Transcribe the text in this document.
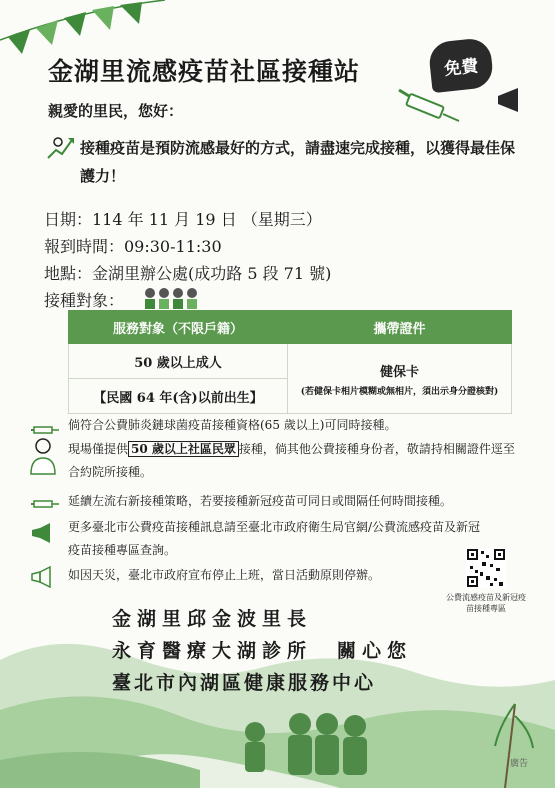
金湖里流感疫苗社區接種站	免費
親愛的里民，您好：
接種疫苗是預防流感最好的方式，請盡速完成接種，以獲得最佳保護力！
日期：114 年 11 月 19 日 （星期三）
報到時間：09:30-11:30
地點：金湖里辦公處(成功路 5 段 71 號)
接種對象：
服務對象（不限戶籍）	攜帶證件
50 歲以上成人	健保卡
(若健保卡相片模糊或無相片，須出示身分證核對)

【民國 64 年(含)以前出生】	
倘符合公費肺炎鏈球菌疫苗接種資格(65 歲以上)可同時接種。
現場僅提供 50 歲以上社區民眾 接種，倘其他公費接種身份者，敬請持相關證件逕至合約院所接種。
延續左流右新接種策略，若要接種新冠疫苗可同日或間隔任何時間接種。
更多臺北市公費疫苗接種訊息請至臺北市政府衛生局官網/公費流感疫苗及新冠疫苗接種專區查詢。
如因天災，臺北市政府宣布停止上班，當日活動原則停辦。
公費流感疫苗及新冠疫苗接種專區
金湖里邱金波里長
永育醫療大湖診所　關心您
臺北市內湖區健康服務中心
廣告
